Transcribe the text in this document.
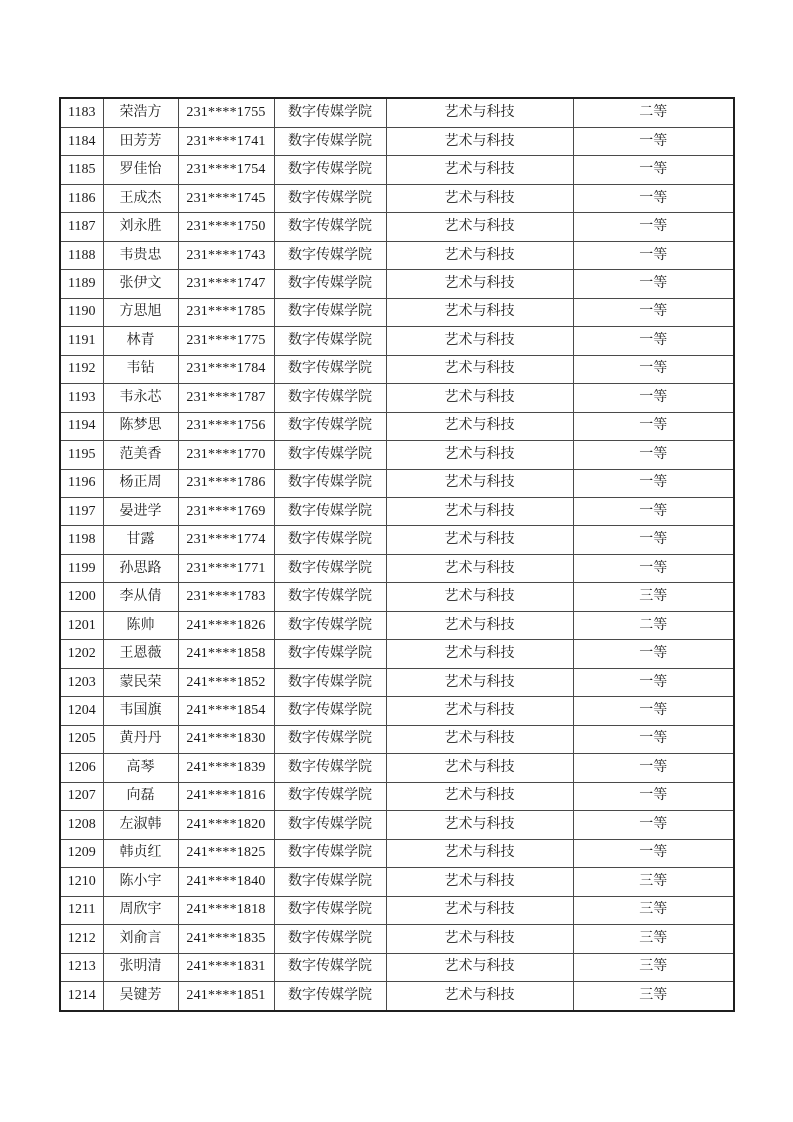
1183	荣浩方	231****1755	数字传媒学院	艺术与科技	二等
1184	田芳芳	231****1741	数字传媒学院	艺术与科技	一等
1185	罗佳怡	231****1754	数字传媒学院	艺术与科技	一等
1186	王成杰	231****1745	数字传媒学院	艺术与科技	一等
1187	刘永胜	231****1750	数字传媒学院	艺术与科技	一等
1188	韦贵忠	231****1743	数字传媒学院	艺术与科技	一等
1189	张伊文	231****1747	数字传媒学院	艺术与科技	一等
1190	方思旭	231****1785	数字传媒学院	艺术与科技	一等
1191	林青	231****1775	数字传媒学院	艺术与科技	一等
1192	韦钻	231****1784	数字传媒学院	艺术与科技	一等
1193	韦永芯	231****1787	数字传媒学院	艺术与科技	一等
1194	陈梦思	231****1756	数字传媒学院	艺术与科技	一等
1195	范美香	231****1770	数字传媒学院	艺术与科技	一等
1196	杨正周	231****1786	数字传媒学院	艺术与科技	一等
1197	晏进学	231****1769	数字传媒学院	艺术与科技	一等
1198	甘露	231****1774	数字传媒学院	艺术与科技	一等
1199	孙思路	231****1771	数字传媒学院	艺术与科技	一等
1200	李从倩	231****1783	数字传媒学院	艺术与科技	三等
1201	陈帅	241****1826	数字传媒学院	艺术与科技	二等
1202	王恩薇	241****1858	数字传媒学院	艺术与科技	一等
1203	蒙民荣	241****1852	数字传媒学院	艺术与科技	一等
1204	韦国旗	241****1854	数字传媒学院	艺术与科技	一等
1205	黄丹丹	241****1830	数字传媒学院	艺术与科技	一等
1206	高琴	241****1839	数字传媒学院	艺术与科技	一等
1207	向磊	241****1816	数字传媒学院	艺术与科技	一等
1208	左淑韩	241****1820	数字传媒学院	艺术与科技	一等
1209	韩贞红	241****1825	数字传媒学院	艺术与科技	一等
1210	陈小宇	241****1840	数字传媒学院	艺术与科技	三等
1211	周欣宇	241****1818	数字传媒学院	艺术与科技	三等
1212	刘俞言	241****1835	数字传媒学院	艺术与科技	三等
1213	张明清	241****1831	数字传媒学院	艺术与科技	三等
1214	吴键芳	241****1851	数字传媒学院	艺术与科技	三等
